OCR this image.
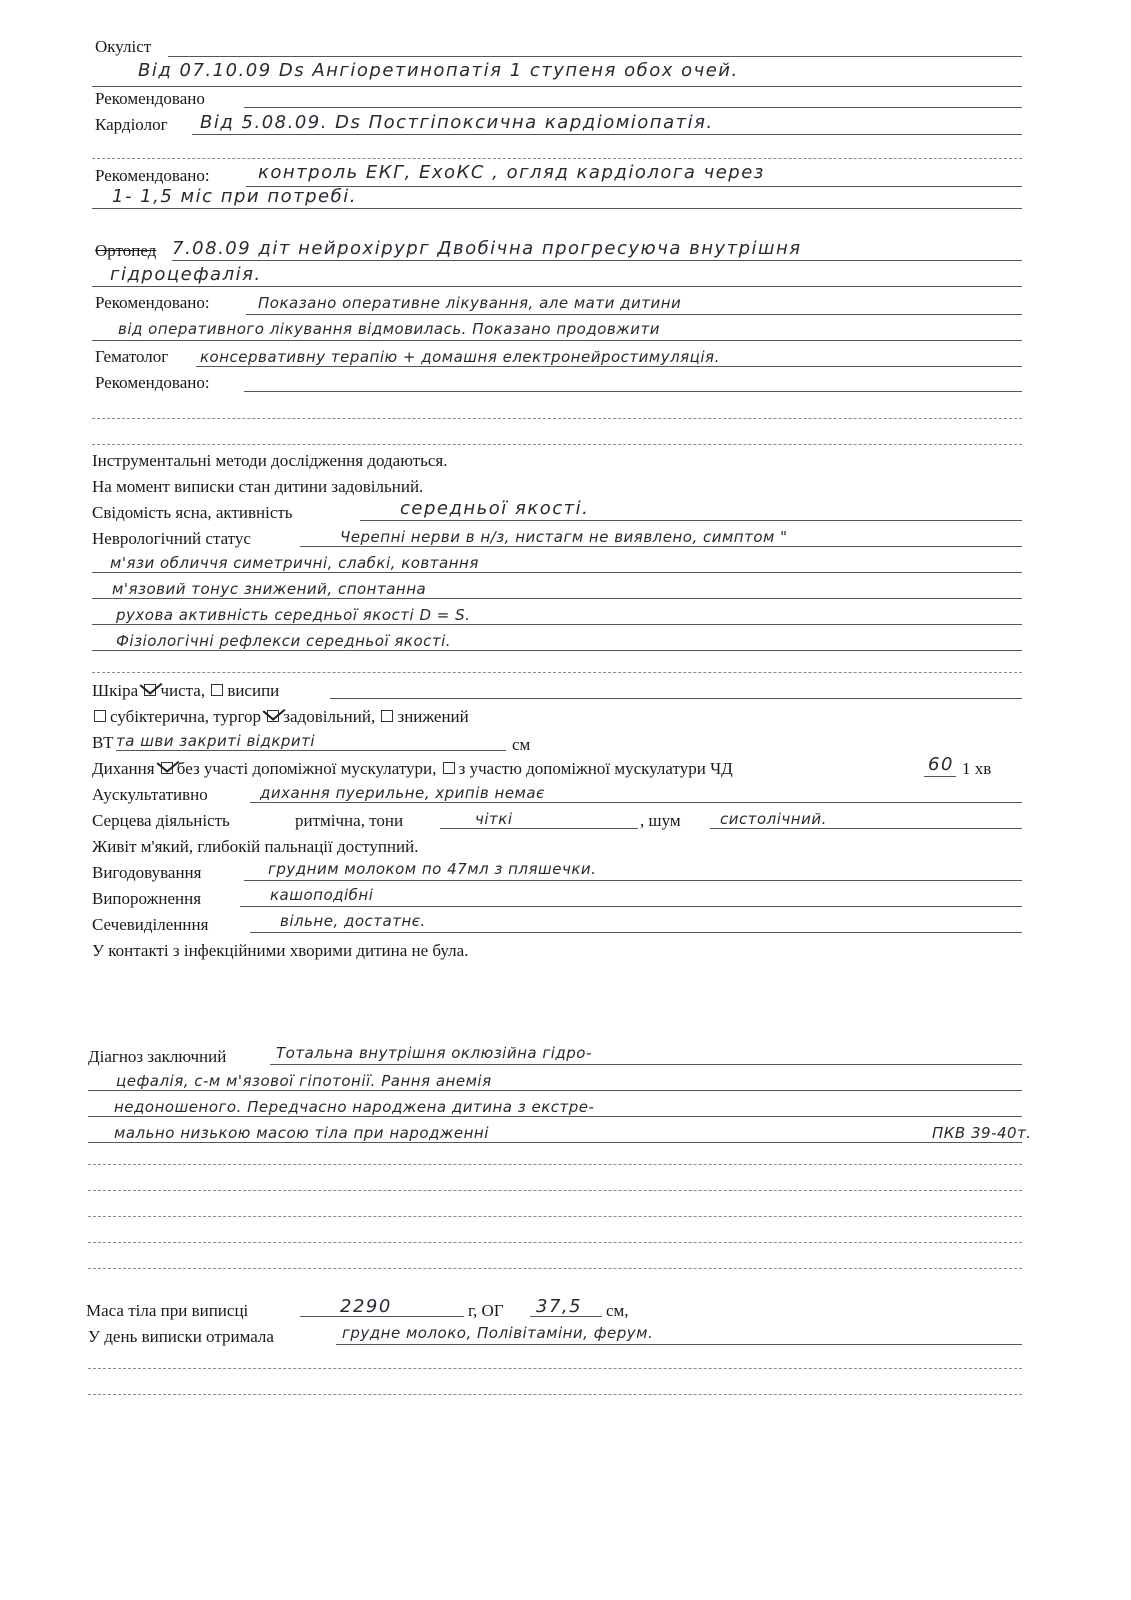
Окуліст
Від 07.10.09 Ds Ангіоретинопатія 1 ступеня обох очей.
Рекомендовано
Кардіолог Від 5.08.09. Ds Постгіпоксична кардіоміопатія.
Рекомендовано:	контроль ЕКГ, ЕхоКС , огляд кардіолога через
1- 1,5 міс при потребі.
Ортопед 7.08.09 діт нейрохірург Двобічна прогресуюча внутрішня
гідроцефалія.
Рекомендовано:	Показано оперативне лікування, але мати дитини
від оперативного лікування відмовилась. Показано продовжити
Гематолог консервативну терапію + домашня електронейростимуляція.
Рекомендовано:
Інструментальні методи дослідження додаються.
На момент виписки стан дитини задовільний.
Свідомість ясна, активність	середньої якості.
Неврологічний статус	Черепні нерви в н/з, нистагм не виявлено, симптом "
м'язи обличчя симетричні, слабкі, ковтання
м'язовий тонус знижений, спонтанна
рухова активність середньої якості D = S.
Фізіологічні рефлекси середньої якості.
Шкіра чиста, висипи
субіктерична, тургор задовільний, знижений
ВТ та шви закриті відкриті	см
Дихання без участі допоміжної мускулатури, з участю допоміжної мускулатури ЧД	60 1 хв
Аускультативно	дихання пуерильне, хрипів немає
Серцева діяльність	ритмічна, тони	чіткі	, шум	систолічний.
Живіт м'який, глибокій пальнації доступний.
Вигодовування	грудним молоком по 47мл з пляшечки.
Випорожнення	кашоподібні
Сечевиділенння	вільне, достатнє.
У контакті з інфекційними хворими дитина не була.
Діагноз заключний	Тотальна внутрішня оклюзійна гідро-
цефалія, с-м м'язової гіпотонії. Рання анемія
недоношеного. Передчасно народжена дитина з екстре-
мально низькою масою тіла при народженні	ПКВ 39-40т.
Маса тіла при виписці	2290	г, ОГ 37,5 см,
У день виписки отримала	грудне молоко, Полівітаміни, ферум.
